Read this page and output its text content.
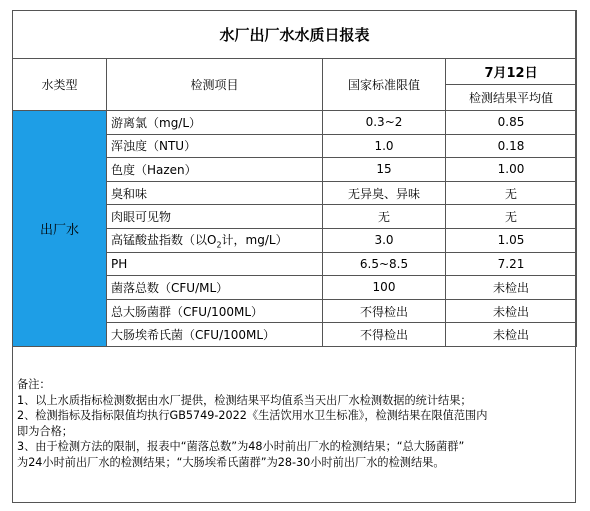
水厂出厂水水质日报表			
水类型	检测项目	国家标准限值	7月12日
			检测结果平均值
出厂水	游离氯（mg/L）	0.3~2	0.85
	浑浊度（NTU）	1.0	0.18
	色度（Hazen）	15	1.00
	臭和味	无异臭、异味	无
	肉眼可见物	无	无
	高锰酸盐指数（以$O_2$计，mg/L）	3.0	1.05
	PH	6.5~8.5	7.21
	菌落总数（CFU/ML）	100	未检出
	总大肠菌群（CFU/100ML）	不得检出	未检出
	大肠埃希氏菌（CFU/100ML）	不得检出	未检出
备注：
1、以上水质指标检测数据由水厂提供，检测结果平均值系当天出厂水检测数据的统计结果；
2、检测指标及指标限值均执行GB5749-2022《生活饮用水卫生标准》，检测结果在限值范围内
即为合格；
3、由于检测方法的限制，报表中“菌落总数”为48小时前出厂水的检测结果；“总大肠菌群”
为24小时前出厂水的检测结果；“大肠埃希氏菌群”为28-30小时前出厂水的检测结果。
